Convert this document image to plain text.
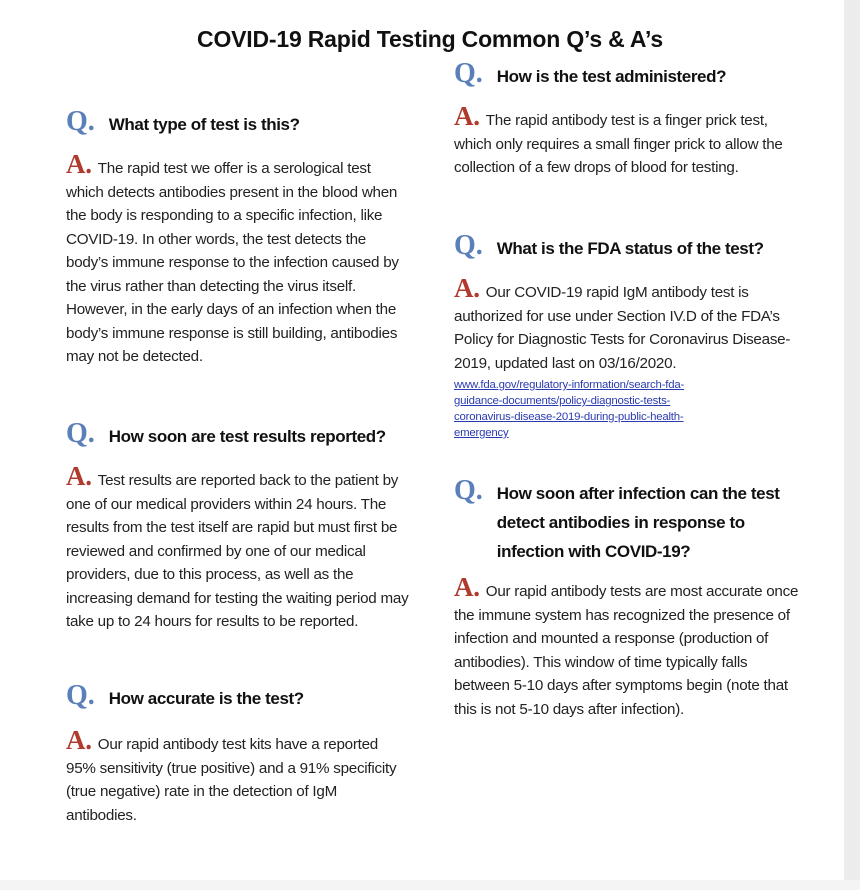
COVID-19 Rapid Testing Common Q’s & A’s
Q. What type of test is this?

A. The rapid test we offer is a serological test which detects antibodies present in the blood when the body is responding to a specific infection, like COVID-19. In other words, the test detects the body’s immune response to the infection caused by the virus rather than detecting the virus itself. However, in the early days of an infection when the body’s immune response is still building, antibodies may not be detected.

Q. How soon are test results reported?

A. Test results are reported back to the patient by one of our medical providers within 24 hours. The results from the test itself are rapid but must first be reviewed and confirmed by one of our medical providers, due to this process, as well as the increasing demand for testing the waiting period may take up to 24 hours for results to be reported.

Q. How accurate is the test?

A. Our rapid antibody test kits have a reported 95% sensitivity (true positive) and a 91% specificity (true negative) rate in the detection of IgM antibodies.

Q. How is the test administered?

A. The rapid antibody test is a finger prick test, which only requires a small finger prick to allow the collection of a few drops of blood for testing.

Q. What is the FDA status of the test?

A. Our COVID-19 rapid IgM antibody test is authorized for use under Section IV.D of the FDA’s Policy for Diagnostic Tests for Coronavirus Disease-2019, updated last on 03/16/2020.

www.fda.gov/regulatory-information/search-fda-
guidance-documents/policy-diagnostic-tests-
coronavirus-disease-2019-during-public-health-
emergency
Q. How soon after infection can the test detect antibodies in response to infection with COVID-19?

A. Our rapid antibody tests are most accurate once the immune system has recognized the presence of infection and mounted a response (production of antibodies). This window of time typically falls between 5-10 days after symptoms begin (note that this is not 5-10 days after infection).
